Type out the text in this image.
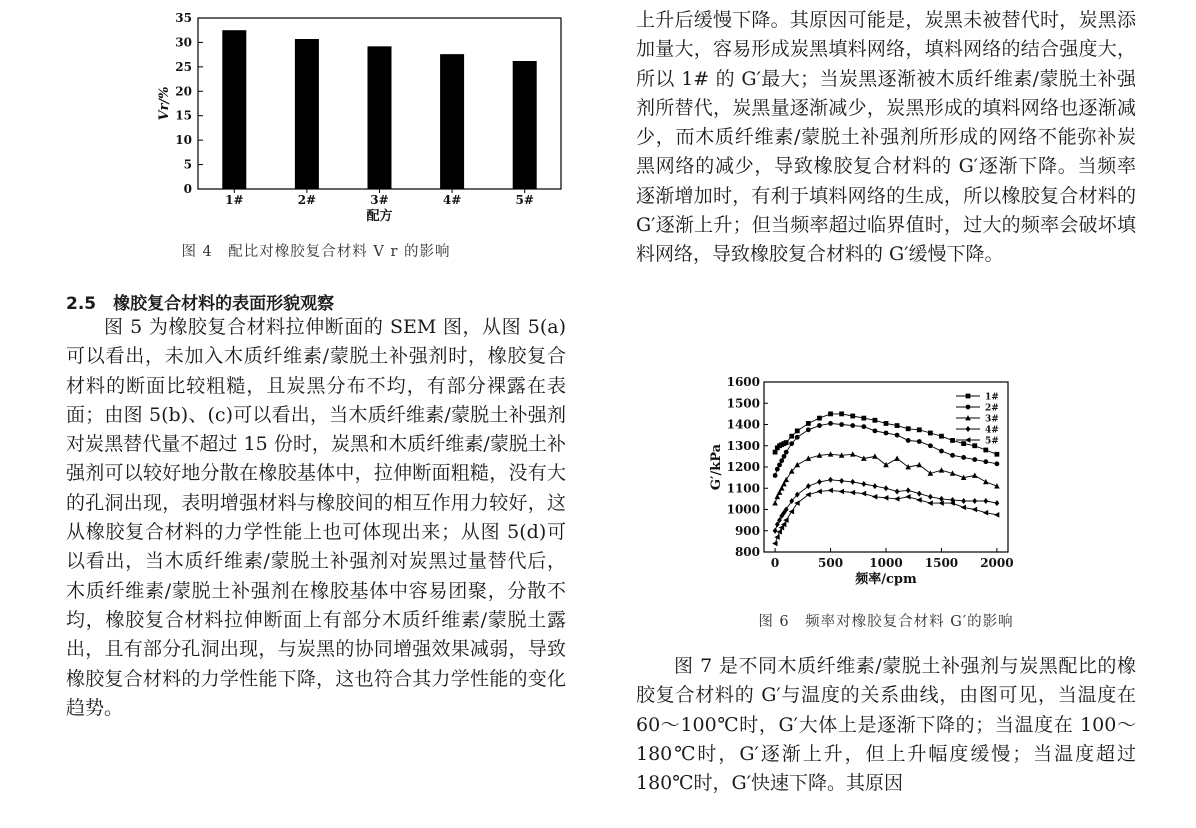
0
5
10
15
20
25
30
35
1#	2#	3#	4#	5#
配方
Vr/%
图 4　配比对橡胶复合材料 V r 的影响
2.5　橡胶复合材料的表面形貌观察

图 5 为橡胶复合材料拉伸断面的 SEM 图，从图 5(a)可以看出，未加入木质纤维素/蒙脱土补强剂时，橡胶复合材料的断面比较粗糙，且炭黑分布不均，有部分裸露在表面；由图 5(b)、(c)可以看出，当木质纤维素/蒙脱土补强剂对炭黑替代量不超过 15 份时，炭黑和木质纤维素/蒙脱土补强剂可以较好地分散在橡胶基体中，拉伸断面粗糙，没有大的孔洞出现，表明增强材料与橡胶间的相互作用力较好，这从橡胶复合材料的力学性能上也可体现出来；从图 5(d)可以看出，当木质纤维素/蒙脱土补强剂对炭黑过量替代后，木质纤维素/蒙脱土补强剂在橡胶基体中容易团聚，分散不均，橡胶复合材料拉伸断面上有部分木质纤维素/蒙脱土露出，且有部分孔洞出现，与炭黑的协同增强效果减弱，导致橡胶复合材料的力学性能下降，这也符合其力学性能的变化趋势。

上升后缓慢下降。其原因可能是，炭黑未被替代时，炭黑添加量大，容易形成炭黑填料网络，填料网络的结合强度大，所以 1# 的 G′最大；当炭黑逐渐被木质纤维素/蒙脱土补强剂所替代，炭黑量逐渐减少，炭黑形成的填料网络也逐渐减少，而木质纤维素/蒙脱土补强剂所形成的网络不能弥补炭黑网络的减少，导致橡胶复合材料的 G′逐渐下降。当频率逐渐增加时，有利于填料网络的生成，所以橡胶复合材料的 G′逐渐上升；但当频率超过临界值时，过大的频率会破坏填料网络，导致橡胶复合材料的 G′缓慢下降。

800
900
1000
1100
1200
1300
1400
1500
1600
0	500 1000 1500 2000
频率/cpm
G′/kPa
1#
2#
3#
4#
5#
图 6　频率对橡胶复合材料 G′的影响

图 7 是不同木质纤维素/蒙脱土补强剂与炭黑配比的橡胶复合材料的 G′与温度的关系曲线，由图可见，当温度在 60～100℃时，G′大体上是逐渐下降的；当温度在 100～180℃时，G′逐渐上升，但上升幅度缓慢；当温度超过 180℃时，G′快速下降。其原因
